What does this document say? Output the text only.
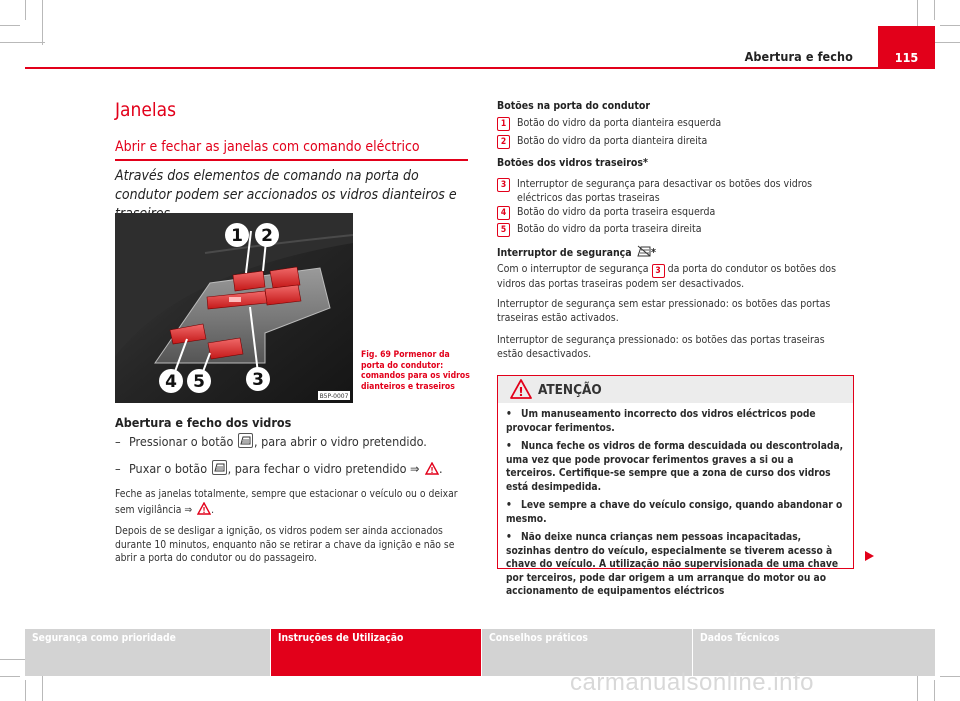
Abertura e fecho	115
Janelas
Abrir e fechar as janelas com comando eléctrico
Através dos elementos de comando na porta do condutor podem ser accionados os vidros dianteiros e
1 2
3
4 5
B5P-0007
Fig. 69 Pormenor da porta do condutor: comandos para os vidros dianteiros e traseiros
Abertura e fecho dos vidros
– Pressionar o botão
, para abrir o vidro pretendido.
– Puxar o botão
, para fechar o vidro pretendido ⇒ ! .
Feche as janelas totalmente, sempre que estacionar o veículo ou o deixar sem vigilância ⇒ ! .
Depois de se desligar a ignição, os vidros podem ser ainda accionados durante 10 minutos, enquanto não se retirar a chave da ignição e não se abrir a porta do condutor ou do passageiro.
Botões na porta do condutor
1	Botão do vidro da porta dianteira esquerda
2	Botão do vidro da porta dianteira direita
Botões dos vidros traseiros*
3	Interruptor de segurança para desactivar os botões dos vidros eléctricos das portas traseiras
4	Botão do vidro da porta traseira esquerda
5	Botão do vidro da porta traseira direita
Interruptor de segurança *
Com o interruptor de segurança 3 da porta do condutor os botões dos vidros das portas traseiras podem ser desactivados.
Interruptor de segurança sem estar pressionado: os botões das portas traseiras estão activados.
Interruptor de segurança pressionado: os botões das portas traseiras estão desactivados.
! ATENÇÃO

• Um manuseamento incorrecto dos vidros eléctricos pode provocar ferimentos.

• Nunca feche os vidros de forma descuidada ou descontrolada, uma vez que pode provocar ferimentos graves a si ou a terceiros. Certifique-se sempre que a zona de curso dos vidros está desimpedida.

• Leve sempre a chave do veículo consigo, quando abandonar o mesmo.

• Não deixe nunca crianças nem pessoas incapacitadas, sozinhas dentro do veículo, especialmente se tiverem acesso à chave do veículo. A utilização não supervisionada de uma chave por terceiros, pode dar origem a um arranque do motor ou ao accionamento de equipamentos eléctricos

Segurança como prioridade	Instruções de Utilização	Conselhos práticos	Dados Técnicos
carmanualsonline.info
